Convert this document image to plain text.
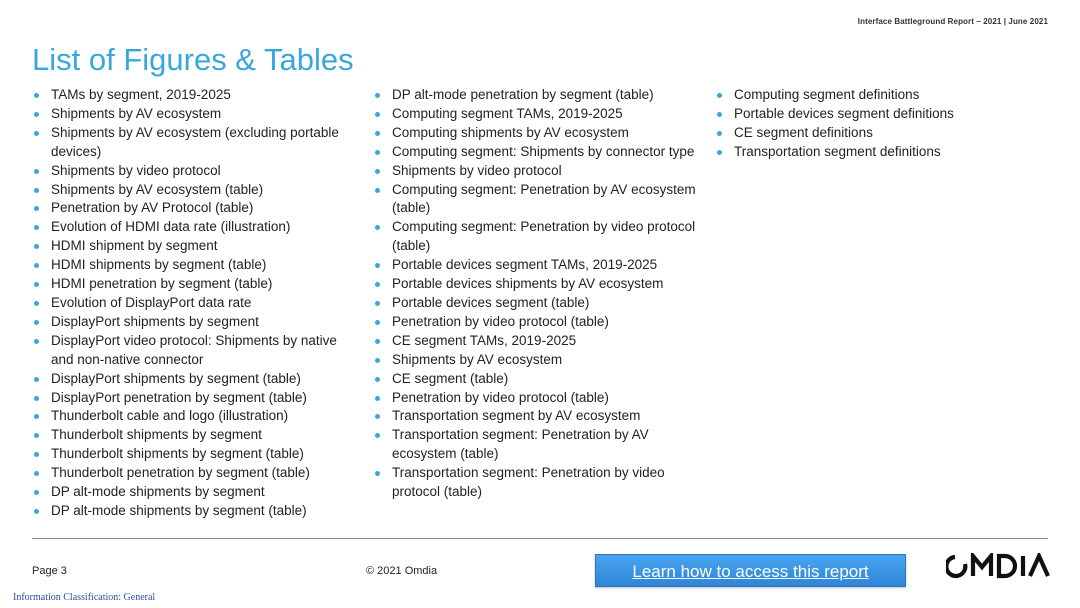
Interface Battleground Report – 2021 | June 2021
List of Figures & Tables
TAMs by segment, 2019-2025
Shipments by AV ecosystem
Shipments by AV ecosystem (excluding portable devices)
Shipments by video protocol
Shipments by AV ecosystem (table)
Penetration by AV Protocol (table)
Evolution of HDMI data rate (illustration)
HDMI shipment by segment
HDMI shipments by segment (table)
HDMI penetration by segment (table)
Evolution of DisplayPort data rate
DisplayPort shipments by segment
DisplayPort video protocol: Shipments by native and non-native connector
DisplayPort shipments by segment (table)
DisplayPort penetration by segment (table)
Thunderbolt cable and logo (illustration)
Thunderbolt shipments by segment
Thunderbolt shipments by segment (table)
Thunderbolt penetration by segment (table)
DP alt-mode shipments by segment
DP alt-mode shipments by segment (table)
DP alt-mode penetration by segment (table)
Computing segment TAMs, 2019-2025
Computing shipments by AV ecosystem
Computing segment: Shipments by connector type
Shipments by video protocol
Computing segment: Penetration by AV ecosystem (table)
Computing segment: Penetration by video protocol (table)
Portable devices segment TAMs, 2019-2025
Portable devices shipments by AV ecosystem
Portable devices segment (table)
Penetration by video protocol (table)
CE segment TAMs, 2019-2025
Shipments by AV ecosystem
CE segment (table)
Penetration by video protocol (table)
Transportation segment by AV ecosystem
Transportation segment: Penetration by AV ecosystem (table)
Transportation segment: Penetration by video protocol (table)
Computing segment definitions
Portable devices segment definitions
CE segment definitions
Transportation segment definitions
Page 3	© 2021 Omdia	Learn how to access this report
Information Classification: General
